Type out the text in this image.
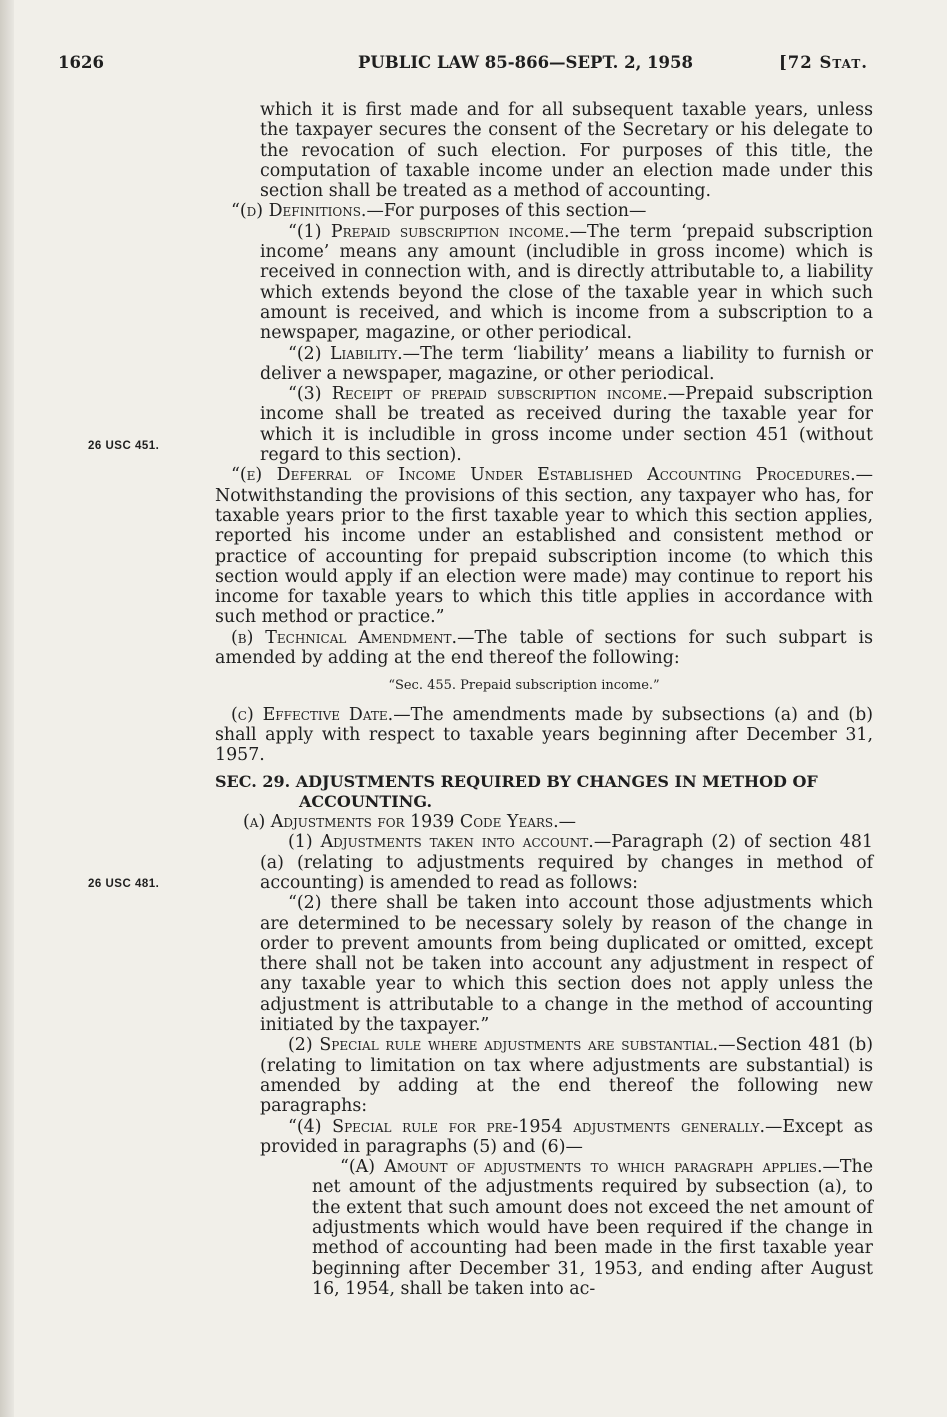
1626	PUBLIC LAW 85-866—SEPT. 2, 1958	[72 Stat.
26 USC 451.
26 USC 481.

which it is first made and for all subsequent taxable years, unless the taxpayer secures the consent of the Secretary or his delegate to the revocation of such election. For purposes of this title, the computation of taxable income under an election made under this section shall be treated as a method of accounting.

“(d) Definitions.—For purposes of this section—

“(1) Prepaid subscription income.—The term ‘prepaid subscription income’ means any amount (includible in gross income) which is received in connection with, and is directly attributable to, a liability which extends beyond the close of the taxable year in which such amount is received, and which is income from a subscription to a newspaper, magazine, or other periodical.

“(2) Liability.—The term ‘liability’ means a liability to furnish or deliver a newspaper, magazine, or other periodical.

“(3) Receipt of prepaid subscription income.—Prepaid subscription income shall be treated as received during the taxable year for which it is includible in gross income under section 451 (without regard to this section).

“(e) Deferral of Income Under Established Accounting Procedures.—Notwithstanding the provisions of this section, any taxpayer who has, for taxable years prior to the first taxable year to which this section applies, reported his income under an established and consistent method or practice of accounting for prepaid subscription income (to which this section would apply if an election were made) may continue to report his income for taxable years to which this title applies in accordance with such method or practice.”

(b) Technical Amendment.—The table of sections for such subpart is amended by adding at the end thereof the following:

“Sec. 455. Prepaid subscription income.”

(c) Effective Date.—The amendments made by subsections (a) and (b) shall apply with respect to taxable years beginning after December 31, 1957.

SEC. 29. ADJUSTMENTS REQUIRED BY CHANGES IN METHOD OF
ACCOUNTING.

(a) Adjustments for 1939 Code Years.—

(1) Adjustments taken into account.—Paragraph (2) of section 481 (a) (relating to adjustments required by changes in method of accounting) is amended to read as follows:

“(2) there shall be taken into account those adjustments which are determined to be necessary solely by reason of the change in order to prevent amounts from being duplicated or omitted, except there shall not be taken into account any adjustment in respect of any taxable year to which this section does not apply unless the adjustment is attributable to a change in the method of accounting initiated by the taxpayer.”

(2) Special rule where adjustments are substantial.—Section 481 (b) (relating to limitation on tax where adjustments are substantial) is amended by adding at the end thereof the following new paragraphs:

“(4) Special rule for pre-1954 adjustments generally.—Except as provided in paragraphs (5) and (6)—

“(A) Amount of adjustments to which paragraph applies.—The net amount of the adjustments required by subsection (a), to the extent that such amount does not exceed the net amount of adjustments which would have been required if the change in method of accounting had been made in the first taxable year beginning after December 31, 1953, and ending after August 16, 1954, shall be taken into ac-
